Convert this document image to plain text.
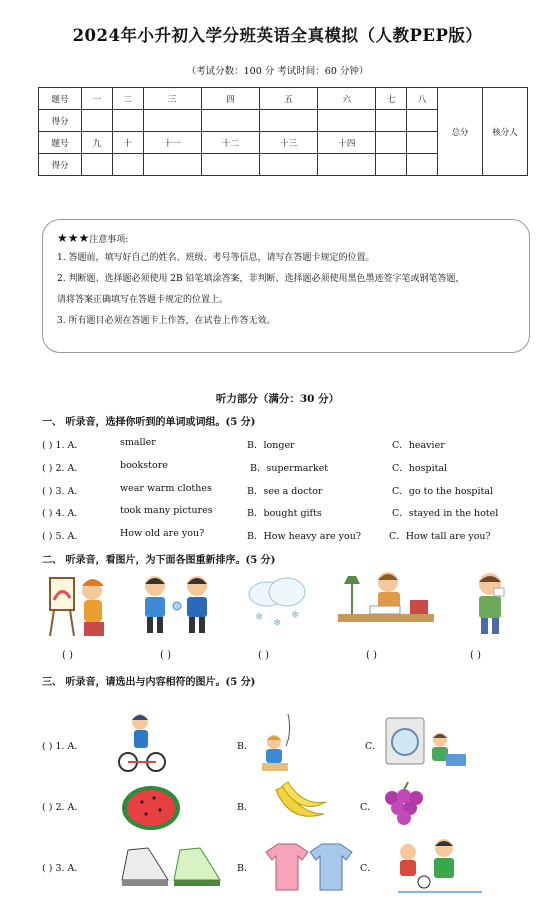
2024年小升初入学分班英语全真模拟（人教PEP版）
（考试分数：100 分 考试时间：60 分钟）
题号	一	二	三	四	五	六	七	八	总分	核分人
得分										
题号	九	十	十一	十二	十三	十四				
得分										
★★★注意事项:

1. 答题前，填写好自己的姓名、班级、考号等信息，请写在答题卡规定的位置。

2. 判断题、选择题必须使用 2B 铅笔填涂答案，非判断、选择题必须使用黑色墨迹签字笔或钢笔答题，

请将答案正确填写在答题卡规定的位置上。

3. 所有题目必须在答题卡上作答，在试卷上作答无效。

听力部分（满分：30 分）
一、 听录音，选择你听到的单词或词组。(5 分)
( ) 1. A．	smaller	B．longer	C．heavier
( ) 2. A．	bookstore	B．supermarket	C．hospital
( ) 3. A．	wear warm clothes	B．see a doctor	C．go to the hospital
( ) 4. A．	took many pictures	B．bought gifts	C．stayed in the hotel
( ) 5. A．	How old are you?	B．How heavy are you?	C．How tall are you?
二、 听录音，看图片，为下面各图重新排序。(5 分)
❄
❄
❄
( )	( )	( )	( )	( )
三、 听录音，请选出与内容相符的图片。(5 分)
( ) 1. A．	B．	C．
( ) 2. A．	B．	C．
( ) 3. A．	B．	C．
